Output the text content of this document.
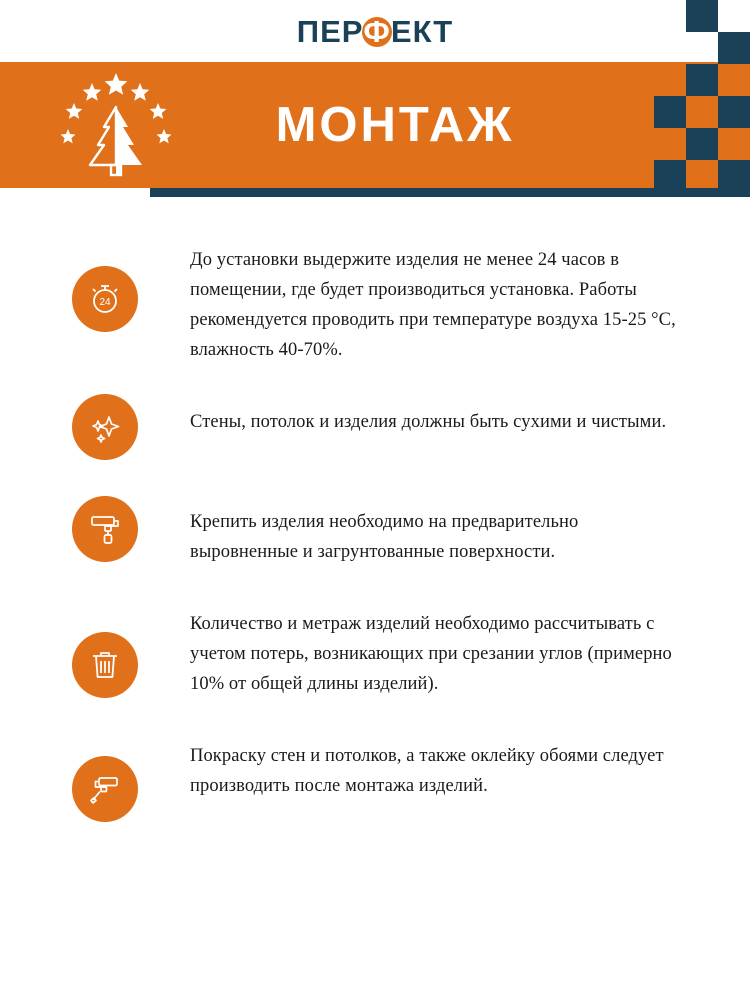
ПЕРФЕКТ
МОНТАЖ
24
До установки выдержите изделия не менее 24 часов в помещении, где будет производиться установка. Работы рекомендуется проводить при температуре воздуха 15-25 °С, влажность 40-70%.
Стены, потолок и изделия должны быть сухими и чистыми.
Крепить изделия необходимо на предварительно выровненные и загрунтованные поверхности.
Количество и метраж изделий необходимо рассчитывать с учетом потерь, возникающих при срезании углов (примерно 10% от общей длины изделий).
Покраску стен и потолков, а также оклейку обоями следует производить после монтажа изделий.
